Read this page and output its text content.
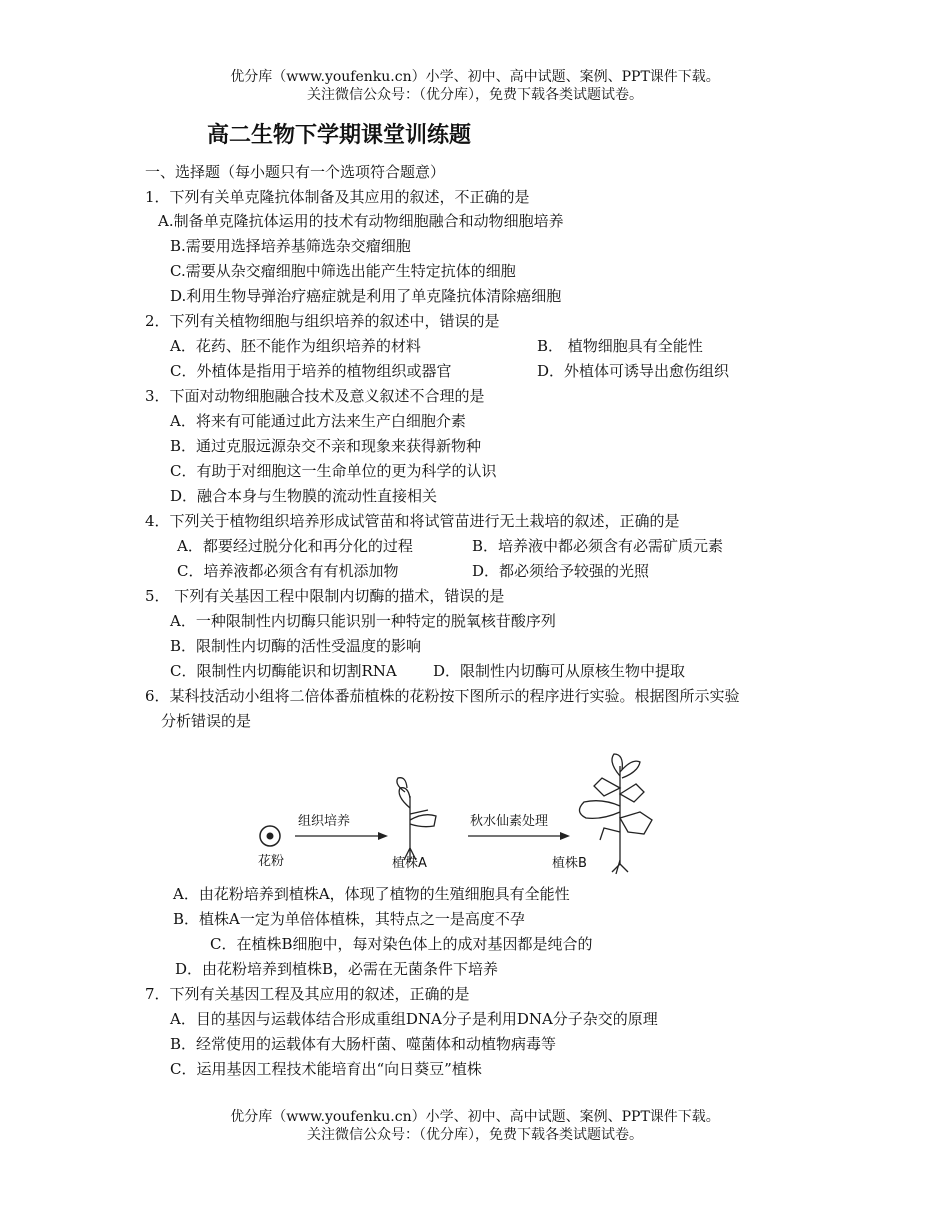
优分库（www.youfenku.cn）小学、初中、高中试题、案例、PPT课件下载。
关注微信公众号：（优分库），免费下载各类试题试卷。
高二生物下学期课堂训练题
一、选择题（每小题只有一个选项符合题意）
1．下列有关单克隆抗体制备及其应用的叙述，不正确的是
A.制备单克隆抗体运用的技术有动物细胞融合和动物细胞培养
B.需要用选择培养基筛选杂交瘤细胞
C.需要从杂交瘤细胞中筛选出能产生特定抗体的细胞
D.利用生物导弹治疗癌症就是利用了单克隆抗体清除癌细胞
2．下列有关植物细胞与组织培养的叙述中，错误的是
A．花药、胚不能作为组织培养的材料	B． 植物细胞具有全能性
C．外植体是指用于培养的植物组织或器官	D．外植体可诱导出愈伤组织
3．下面对动物细胞融合技术及意义叙述不合理的是
A．将来有可能通过此方法来生产白细胞介素
B．通过克服远源杂交不亲和现象来获得新物种
C．有助于对细胞这一生命单位的更为科学的认识
D．融合本身与生物膜的流动性直接相关
4．下列关于植物组织培养形成试管苗和将试管苗进行无土栽培的叙述，正确的是
A．都要经过脱分化和再分化的过程	B．培养液中都必须含有必需矿质元素
C．培养液都必须含有有机添加物	D．都必须给予较强的光照
5． 下列有关基因工程中限制内切酶的描术，错误的是
A．一种限制性内切酶只能识别一种特定的脱氧核苷酸序列
B．限制性内切酶的活性受温度的影响
C．限制性内切酶能识和切割RNA D．限制性内切酶可从原核生物中提取
6．某科技活动小组将二倍体番茄植株的花粉按下图所示的程序进行实验。根据图所示实验
分析错误的是
花粉
组织培养
植株A
秋水仙素处理
植株B
A．由花粉培养到植株A，体现了植物的生殖细胞具有全能性
B．植株A一定为单倍体植株，其特点之一是高度不孕
C．在植株B细胞中，每对染色体上的成对基因都是纯合的
D．由花粉培养到植株B，必需在无菌条件下培养
7．下列有关基因工程及其应用的叙述，正确的是
A．目的基因与运载体结合形成重组DNA分子是利用DNA分子杂交的原理
B．经常使用的运载体有大肠杆菌、噬菌体和动植物病毒等
C．运用基因工程技术能培育出“向日葵豆”植株
优分库（www.youfenku.cn）小学、初中、高中试题、案例、PPT课件下载。
关注微信公众号：（优分库），免费下载各类试题试卷。
